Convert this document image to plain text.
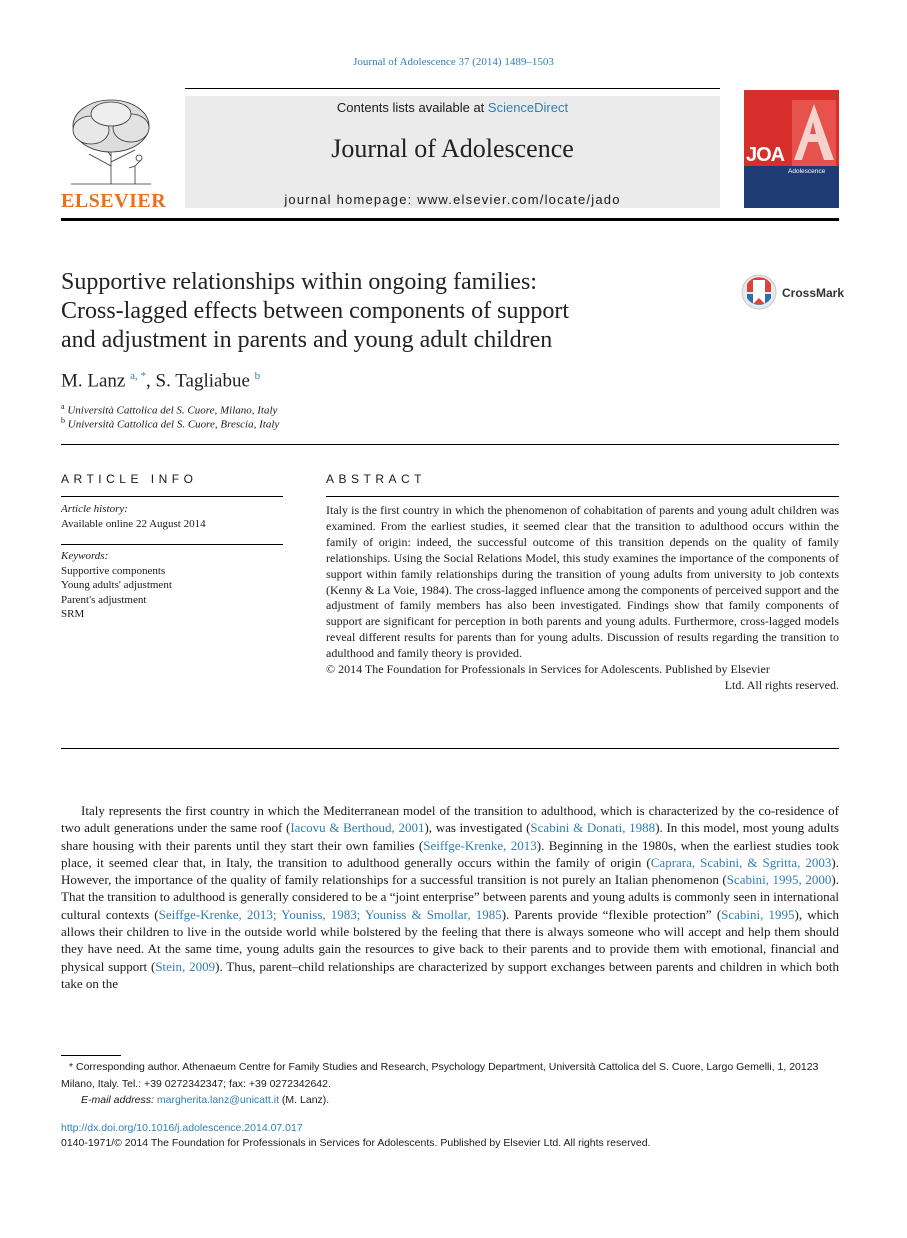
Journal of Adolescence 37 (2014) 1489–1503
ELSEVIER
Contents lists available at ScienceDirect
Journal of Adolescence
journal homepage: www.elsevier.com/locate/jado
JOA
Adolescence
Supportive relationships within ongoing families:
Cross-lagged effects between components of support
and adjustment in parents and young adult children
CrossMark
M. Lanz $^{a, *}$, S. Tagliabue $^b$
$^a$ Università Cattolica del S. Cuore, Milano, Italy
$^b$ Università Cattolica del S. Cuore, Brescia, Italy
ARTICLE INFO
Article history:
Available online 22 August 2014
Keywords:
Supportive components
Young adults' adjustment
Parent's adjustment
SRM
ABSTRACT

Italy is the first country in which the phenomenon of cohabitation of parents and young adult children was examined. From the earliest studies, it seemed clear that the transition to adulthood occurs within the family of origin: indeed, the successful outcome of this transition depends on the quality of family relationships. Using the Social Relations Model, this study examines the importance of the components of support within family relationships during the transition of young adults from university to job contexts (Kenny & La Voie, 1984). The cross-lagged influence among the components of perceived support and the adjustment of family members has also been investigated. Findings show that family components of support are significant for perception in both parents and young adults. Furthermore, cross-lagged models reveal different results for parents than for young adults. Discussion of results regarding the transition to adulthood and family theory is provided.

© 2014 The Foundation for Professionals in Services for Adolescents. Published by Elsevier

Ltd. All rights reserved.

Italy represents the first country in which the Mediterranean model of the transition to adulthood, which is characterized by the co-residence of two adult generations under the same roof (Iacovu & Berthoud, 2001), was investigated (Scabini & Donati, 1988). In this model, most young adults share housing with their parents until they start their own families (Seiffge-Krenke, 2013). Beginning in the 1980s, when the earliest studies took place, it seemed clear that, in Italy, the transition to adulthood generally occurs within the family of origin (Caprara, Scabini, & Sgritta, 2003). However, the importance of the quality of family relationships for a successful transition is not purely an Italian phenomenon (Scabini, 1995, 2000). That the transition to adulthood is generally considered to be a “joint enterprise” between parents and young adults is commonly seen in international cultural contexts (Seiffge-Krenke, 2013; Youniss, 1983; Youniss & Smollar, 1985). Parents provide “flexible protection” (Scabini, 1995), which allows their children to live in the outside world while bolstered by the feeling that there is always someone who will accept and help them should they have need. At the same time, young adults gain the resources to give back to their parents and to provide them with emotional, financial and physical support (Stein, 2009). Thus, parent–child relationships are characterized by support exchanges between parents and children in which both take on the

* Corresponding author. Athenaeum Centre for Family Studies and Research, Psychology Department, Università Cattolica del S. Cuore, Largo Gemelli, 1, 20123 Milano, Italy. Tel.: +39 0272342347; fax: +39 0272342642.

E-mail address: margherita.lanz@unicatt.it (M. Lanz).

http://dx.doi.org/10.1016/j.adolescence.2014.07.017

0140-1971/© 2014 The Foundation for Professionals in Services for Adolescents. Published by Elsevier Ltd. All rights reserved.
